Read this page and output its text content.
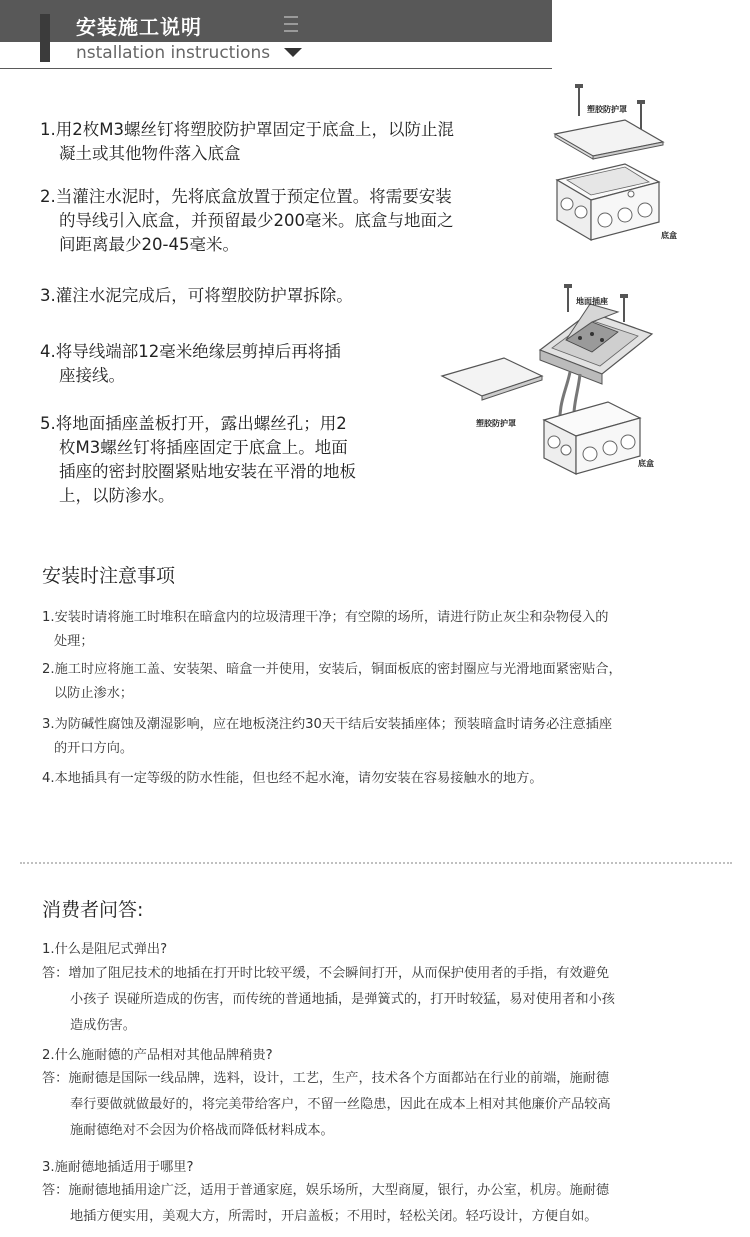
安装施工说明
nstallation instructions
1.用2枚M3螺丝钉将塑胶防护罩固定于底盒上，以防止混
凝土或其他物件落入底盒
2.当灌注水泥时，先将底盒放置于预定位置。将需要安装
的导线引入底盒，并预留最少200毫米。底盒与地面之
间距离最少20-45毫米。
3.灌注水泥完成后，可将塑胶防护罩拆除。
4.将导线端部12毫米绝缘层剪掉后再将插
座接线。
5.将地面插座盖板打开，露出螺丝孔；用2
枚M3螺丝钉将插座固定于底盒上。地面
插座的密封胶圈紧贴地安装在平滑的地板
上，以防渗水。
塑胶防护罩
底盒
地面插座
塑胶防护罩
底盒
安装时注意事项
1.安装时请将施工时堆积在暗盒内的垃圾清理干净；有空隙的场所，请进行防止灰尘和杂物侵入的
处理；
2.施工时应将施工盖、安装架、暗盒一并使用，安装后，铜面板底的密封圈应与光滑地面紧密贴合，
以防止渗水；
3.为防碱性腐蚀及潮湿影响，应在地板浇注约30天干结后安装插座体；预装暗盒时请务必注意插座
的开口方向。
4.本地插具有一定等级的防水性能，但也经不起水淹，请勿安装在容易接触水的地方。
消费者问答:
1.什么是阻尼式弹出?
答：增加了阻尼技术的地插在打开时比较平缓，不会瞬间打开，从而保护使用者的手指，有效避免
小孩子 误碰所造成的伤害，而传统的普通地插，是弹簧式的，打开时较猛，易对使用者和小孩
造成伤害。
2.什么施耐德的产品相对其他品牌稍贵?
答：施耐德是国际一线品牌，选料，设计，工艺，生产，技术各个方面都站在行业的前端，施耐德
奉行要做就做最好的，将完美带给客户，不留一丝隐患，因此在成本上相对其他廉价产品较高
施耐德绝对不会因为价格战而降低材料成本。
3.施耐德地插适用于哪里?
答：施耐德地插用途广泛，适用于普通家庭，娱乐场所，大型商厦，银行，办公室，机房。施耐德
地插方便实用，美观大方，所需时，开启盖板；不用时，轻松关闭。轻巧设计，方便自如。
